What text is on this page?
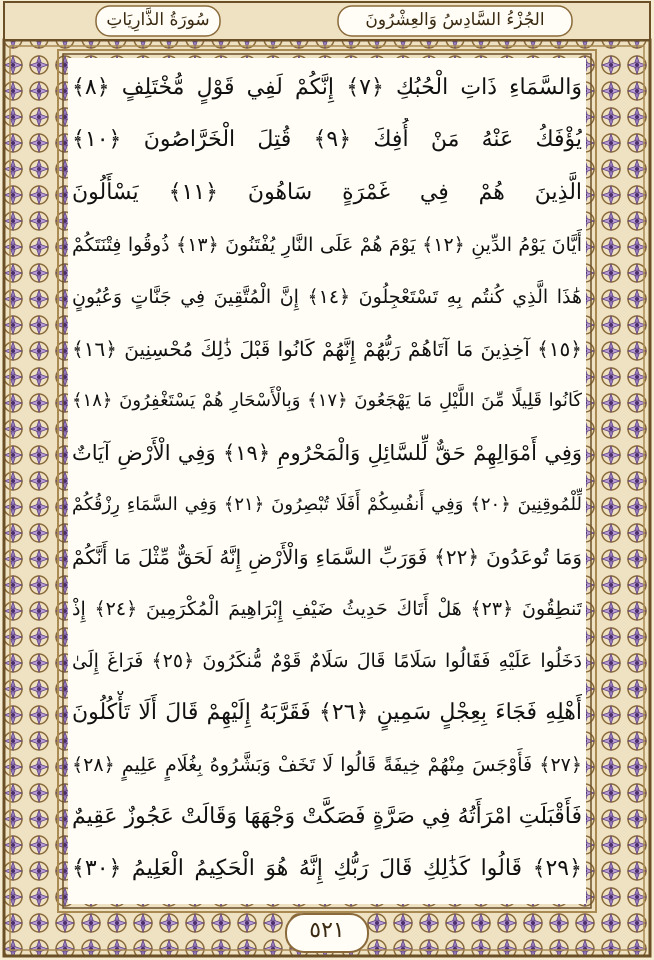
سُورَةُ الذَّارِيَاتِ	الجُزْءُ السَّادِسُ وَالعِشْرُونَ
وَالسَّمَاءِ ذَاتِ الْحُبُكِ ﴿٧﴾ إِنَّكُمْ لَفِي قَوْلٍ مُّخْتَلِفٍ ﴿٨﴾
يُؤْفَكُ عَنْهُ مَنْ أُفِكَ ﴿٩﴾ قُتِلَ الْخَرَّاصُونَ ﴿١٠﴾
الَّذِينَ هُمْ فِي غَمْرَةٍ سَاهُونَ ﴿١١﴾ يَسْأَلُونَ
أَيَّانَ يَوْمُ الدِّينِ ﴿١٢﴾ يَوْمَ هُمْ عَلَى النَّارِ يُفْتَنُونَ ﴿١٣﴾ ذُوقُوا فِتْنَتَكُمْ
هَٰذَا الَّذِي كُنتُم بِهِ تَسْتَعْجِلُونَ ﴿١٤﴾ إِنَّ الْمُتَّقِينَ فِي جَنَّاتٍ وَعُيُونٍ
﴿١٥﴾ آخِذِينَ مَا آتَاهُمْ رَبُّهُمْ إِنَّهُمْ كَانُوا قَبْلَ ذَٰلِكَ مُحْسِنِينَ ﴿١٦﴾
كَانُوا قَلِيلًا مِّنَ اللَّيْلِ مَا يَهْجَعُونَ ﴿١٧﴾ وَبِالْأَسْحَارِ هُمْ يَسْتَغْفِرُونَ ﴿١٨﴾
وَفِي أَمْوَالِهِمْ حَقٌّ لِّلسَّائِلِ وَالْمَحْرُومِ ﴿١٩﴾ وَفِي الْأَرْضِ آيَاتٌ
لِّلْمُوقِنِينَ ﴿٢٠﴾ وَفِي أَنفُسِكُمْ أَفَلَا تُبْصِرُونَ ﴿٢١﴾ وَفِي السَّمَاءِ رِزْقُكُمْ
وَمَا تُوعَدُونَ ﴿٢٢﴾ فَوَرَبِّ السَّمَاءِ وَالْأَرْضِ إِنَّهُ لَحَقٌّ مِّثْلَ مَا أَنَّكُمْ
تَنطِقُونَ ﴿٢٣﴾ هَلْ أَتَاكَ حَدِيثُ ضَيْفِ إِبْرَاهِيمَ الْمُكْرَمِينَ ﴿٢٤﴾ إِذْ
دَخَلُوا عَلَيْهِ فَقَالُوا سَلَامًا قَالَ سَلَامٌ قَوْمٌ مُّنكَرُونَ ﴿٢٥﴾ فَرَاغَ إِلَىٰ
أَهْلِهِ فَجَاءَ بِعِجْلٍ سَمِينٍ ﴿٢٦﴾ فَقَرَّبَهُ إِلَيْهِمْ قَالَ أَلَا تَأْكُلُونَ
﴿٢٧﴾ فَأَوْجَسَ مِنْهُمْ خِيفَةً قَالُوا لَا تَخَفْ وَبَشَّرُوهُ بِغُلَامٍ عَلِيمٍ ﴿٢٨﴾
فَأَقْبَلَتِ امْرَأَتُهُ فِي صَرَّةٍ فَصَكَّتْ وَجْهَهَا وَقَالَتْ عَجُوزٌ عَقِيمٌ
﴿٢٩﴾ قَالُوا كَذَٰلِكِ قَالَ رَبُّكِ إِنَّهُ هُوَ الْحَكِيمُ الْعَلِيمُ ﴿٣٠﴾
٥٢١
